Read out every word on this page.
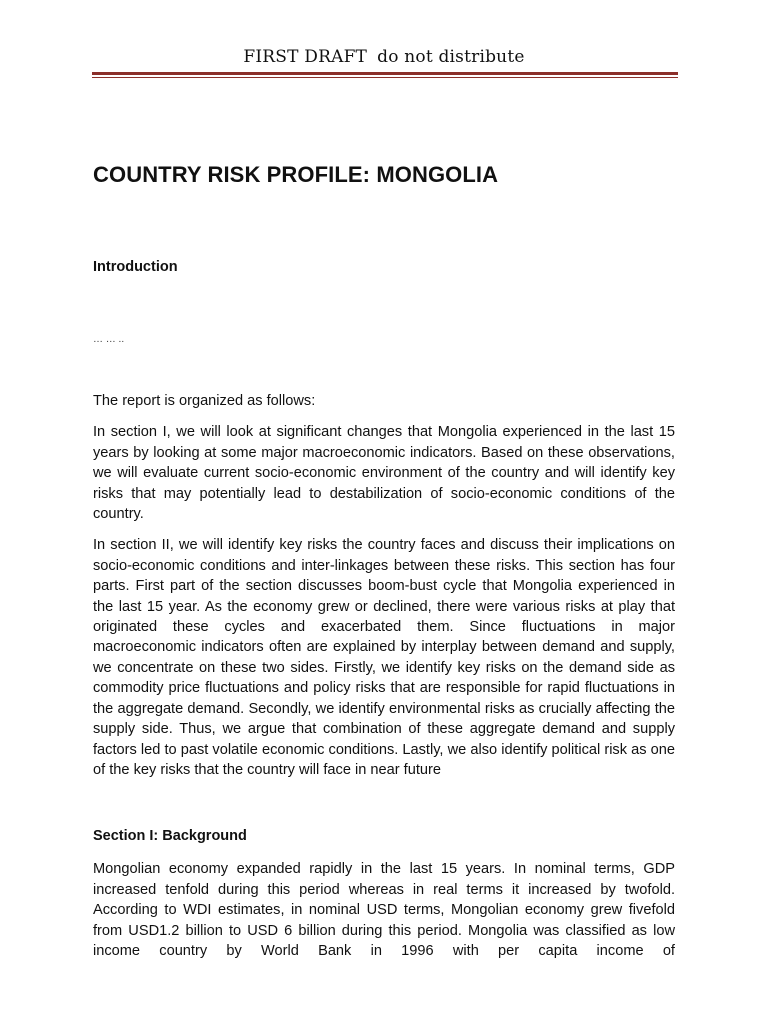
FIRST DRAFT do not distribute
COUNTRY RISK PROFILE: MONGOLIA
Introduction

… … ..

The report is organized as follows:

In section I, we will look at significant changes that Mongolia experienced in the last 15 years by looking at some major macroeconomic indicators. Based on these observations, we will evaluate current socio-economic environment of the country and will identify key risks that may potentially lead to destabilization of socio-economic conditions of the country.

In section II, we will identify key risks the country faces and discuss their implications on socio-economic conditions and inter-linkages between these risks. This section has four parts. First part of the section discusses boom-bust cycle that Mongolia experienced in the last 15 year. As the economy grew or declined, there were various risks at play that originated these cycles and exacerbated them. Since fluctuations in major macroeconomic indicators often are explained by interplay between demand and supply, we concentrate on these two sides. Firstly, we identify key risks on the demand side as commodity price fluctuations and policy risks that are responsible for rapid fluctuations in the aggregate demand. Secondly, we identify environmental risks as crucially affecting the supply side. Thus, we argue that combination of these aggregate demand and supply factors led to past volatile economic conditions. Lastly, we also identify political risk as one of the key risks that the country will face in near future

Section I: Background

Mongolian economy expanded rapidly in the last 15 years. In nominal terms, GDP increased tenfold during this period whereas in real terms it increased by twofold. According to WDI estimates, in nominal USD terms, Mongolian economy grew fivefold from USD1.2 billion to USD 6 billion during this period. Mongolia was classified as low income country by World Bank in 1996 with per capita income of
